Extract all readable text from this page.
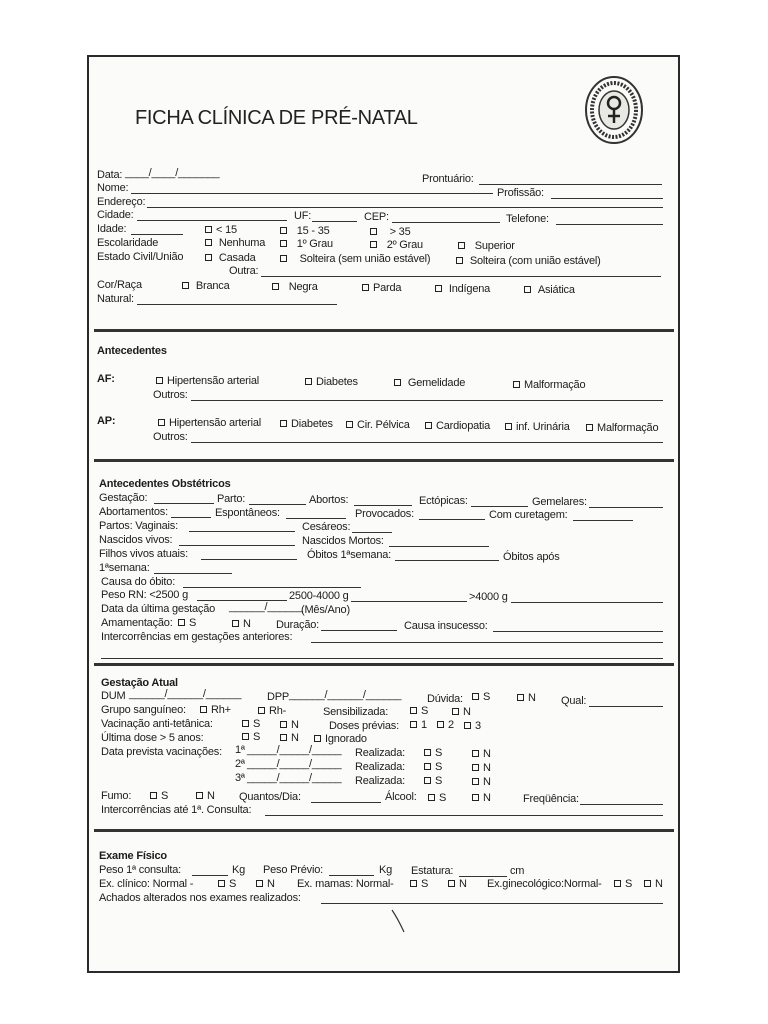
FICHA CLÍNICA DE PRÉ-NATAL
Data: ____/____/_______	Prontuário:
Nome:	Profissão:
Endereço:
Cidade:	UF:	CEP:	Telefone:
Idade:	< 15	15 - 35	> 35
Escolaridade	Nenhuma	1º Grau	2º Grau	Superior
Estado Civil/União	Casada	Solteira (sem união estável)	Solteira (com união estável)
Outra:
Cor/Raça	Branca	Negra	Parda	Indígena	Asiática
Natural:
Antecedentes
AF:	Hipertensão arterial	Diabetes	Gemelidade	Malformação
Outros:
AP:	Hipertensão arterial	Diabetes	Cir. Pélvica	Cardiopatia	inf. Urinária	Malformação
Outros:
Antecedentes Obstétricos
Gestação:	Parto:	Abortos:	Ectópicas:	Gemelares:
Abortamentos:	Espontâneos:	Provocados:	Com curetagem:
Partos: Vaginais:	Cesáreos:
Nascidos vivos:	Nascidos Mortos:
Filhos vivos atuais:	Óbitos 1ªsemana:	Óbitos após
1ªsemana:
Causa do óbito:
Peso RN: <2500 g	2500-4000 g	>4000 g
Data da última gestação ______/______
(Mês/Ano)
Amamentação:	S	N Duração:	Causa insucesso:
Intercorrências em gestações anteriores:
Gestação Atual
DUM ______/______/______ DPP ______/______/______ Dúvida:	S	N Qual:
Grupo sanguíneo:	Rh+	Rh-	Sensibilizada:	S	N
Vacinação anti-tetânica:	S	N	Doses prévias:	1	2	3
Última dose > 5 anos:	S	N	Ignorado
Data prevista vacinações: 1ª _____/_____/_____ Realizada:	S	N
2ª _____/_____/_____ Realizada:	S	N
3ª _____/_____/_____ Realizada:	S	N
Fumo:	S	N Quantos/Dia:	Álcool:	S	N	Freqüência:
Intercorrências até 1ª. Consulta:
Exame Físico
Peso 1ª consulta:	Kg Peso Prévio:	Kg Estatura:	cm
Ex. clínico: Normal -	S	N Ex. mamas: Normal-	S	N Ex.ginecológico:Normal-	S	N
Achados alterados nos exames realizados:
